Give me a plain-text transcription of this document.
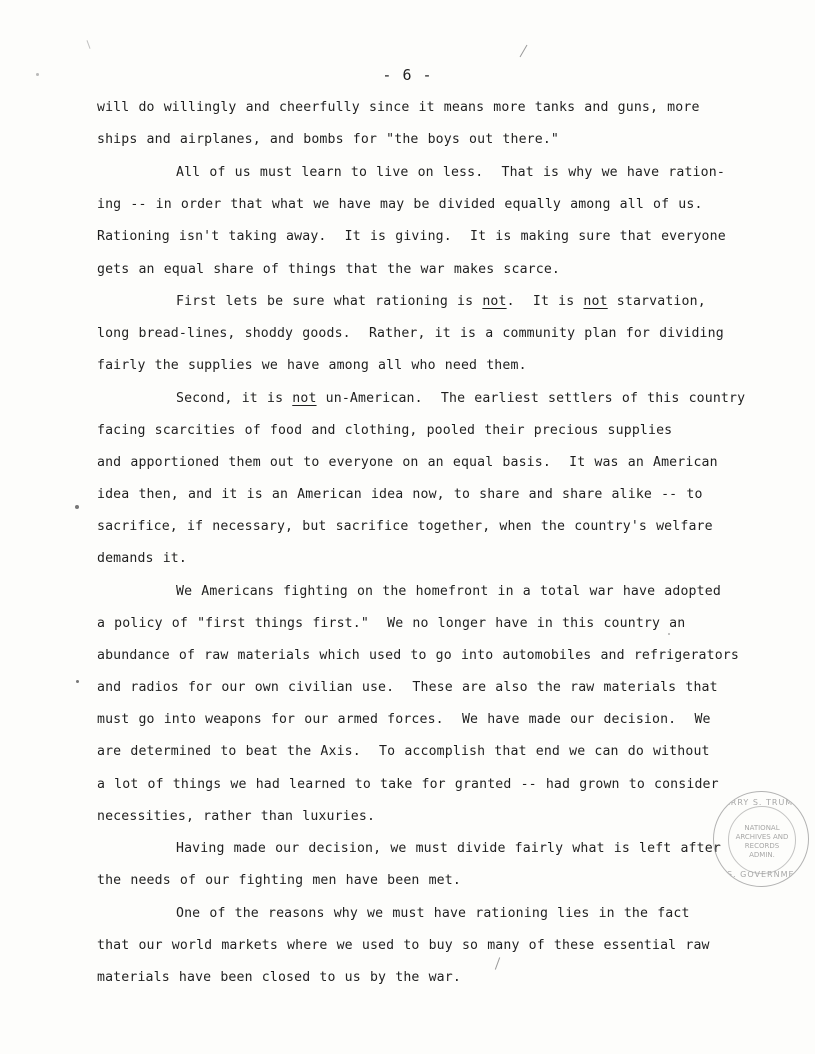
- 6 -
will do willingly and cheerfully since it means more tanks and guns, more
ships and airplanes, and bombs for "the boys out there."
All of us must learn to live on less.  That is why we have ration-
ing -- in order that what we have may be divided equally among all of us.
Rationing isn't taking away.  It is giving.  It is making sure that everyone
gets an equal share of things that the war makes scarce.
First lets be sure what rationing is not.  It is not starvation,
long bread-lines, shoddy goods.  Rather, it is a community plan for dividing
fairly the supplies we have among all who need them.
Second, it is not un-American.  The earliest settlers of this country
facing scarcities of food and clothing, pooled their precious supplies
and apportioned them out to everyone on an equal basis.  It was an American
idea then, and it is an American idea now, to share and share alike -- to
sacrifice, if necessary, but sacrifice together, when the country's welfare
demands it.
We Americans fighting on the homefront in a total war have adopted
a policy of "first things first."  We no longer have in this country an
abundance of raw materials which used to go into automobiles and refrigerators
and radios for our own civilian use.  These are also the raw materials that
must go into weapons for our armed forces.  We have made our decision.  We
are determined to beat the Axis.  To accomplish that end we can do without
a lot of things we had learned to take for granted -- had grown to consider
necessities, rather than luxuries.
Having made our decision, we must divide fairly what is left after
the needs of our fighting men have been met.
One of the reasons why we must have rationing lies in the fact
that our world markets where we used to buy so many of these essential raw
materials have been closed to us by the war.
HARRY S. TRUMAN
NATIONAL
ARCHIVES AND
RECORDS
ADMIN.
U.S. GOVERNMENT
